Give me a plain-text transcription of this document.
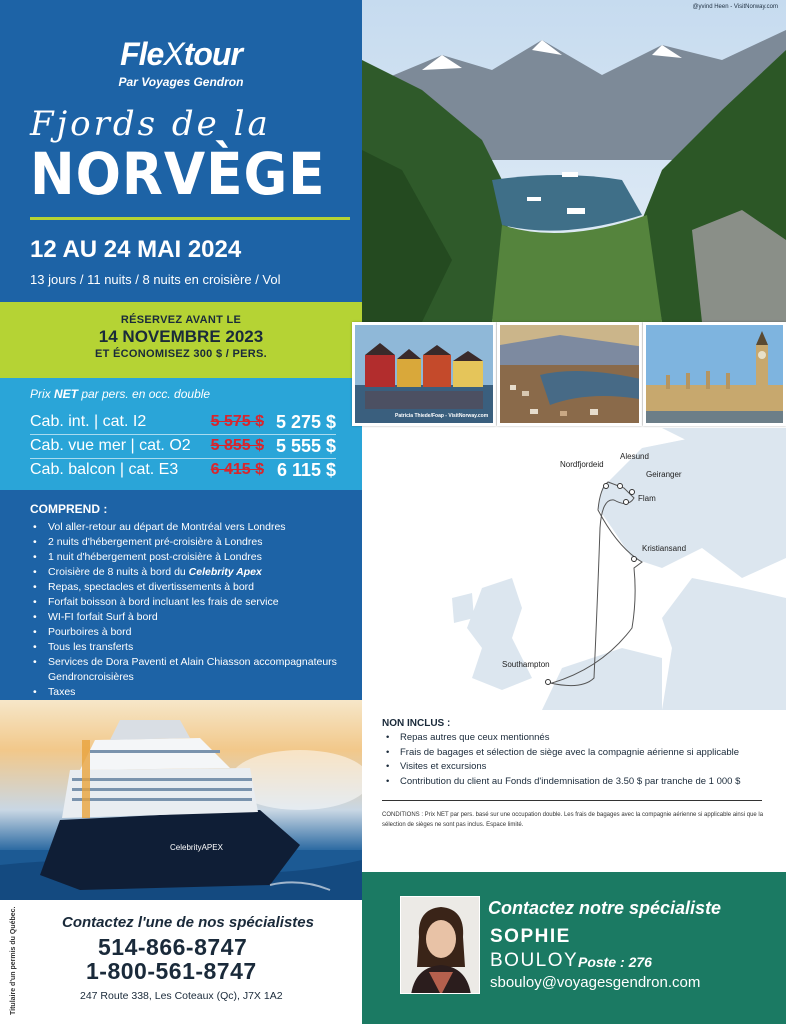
FleXtour
Par Voyages Gendron
Fjords de la
NORVÈGE
12 AU 24 MAI 2024
13 jours / 11 nuits / 8 nuits en croisière / Vol
RÉSERVEZ AVANT LE
14 NOVEMBRE 2023
ET ÉCONOMISEZ 300 $ / PERS.
Prix NET par pers. en occ. double
Cab. int. | cat. I2	5 575 $ 5 275 $
Cab. vue mer | cat. O2 5 855 $ 5 555 $
Cab. balcon | cat. E3 6 415 $ 6 115 $
COMPREND :
• Vol aller-retour au départ de Montréal vers Londres
• 2 nuits d'hébergement pré-croisière à Londres
• 1 nuit d'hébergement post-croisière à Londres
• Croisière de 8 nuits à bord du Celebrity Apex
• Repas, spectacles et divertissements à bord
• Forfait boisson à bord incluant les frais de service
• WI-FI forfait Surf à bord
• Pourboires à bord
• Tous les transferts
• Services de Dora Paventi et Alain Chiasson accompagnateurs Gendroncroisières
• Taxes
CelebrityAPEX
Contactez l'une de nos spécialistes
514-866-8747
1-800-561-8747
247 Route 338, Les Coteaux (Qc), J7X 1A2
Titulaire d'un permis du Québec.
@yvind Heen - VisitNorway.com
Patricia Thiede/Foap - VisitNorway.com
Nordfjordeid
Alesund
Geiranger
Flam
Kristiansand
Southampton
NON INCLUS :
• Repas autres que ceux mentionnés
• Frais de bagages et sélection de siège avec la compagnie aérienne si applicable
• Visites et excursions
• Contribution du client au Fonds d'indemnisation de 3.50 $ par tranche de 1 000 $
CONDITIONS : Prix NET par pers. basé sur une occupation double. Les frais de bagages avec la compagnie aérienne si applicable ainsi que la sélection de sièges ne sont pas inclus. Espace limité.
Contactez notre spécialiste
SOPHIE
BOULOY Poste : 276
sbouloy@voyagesgendron.com
